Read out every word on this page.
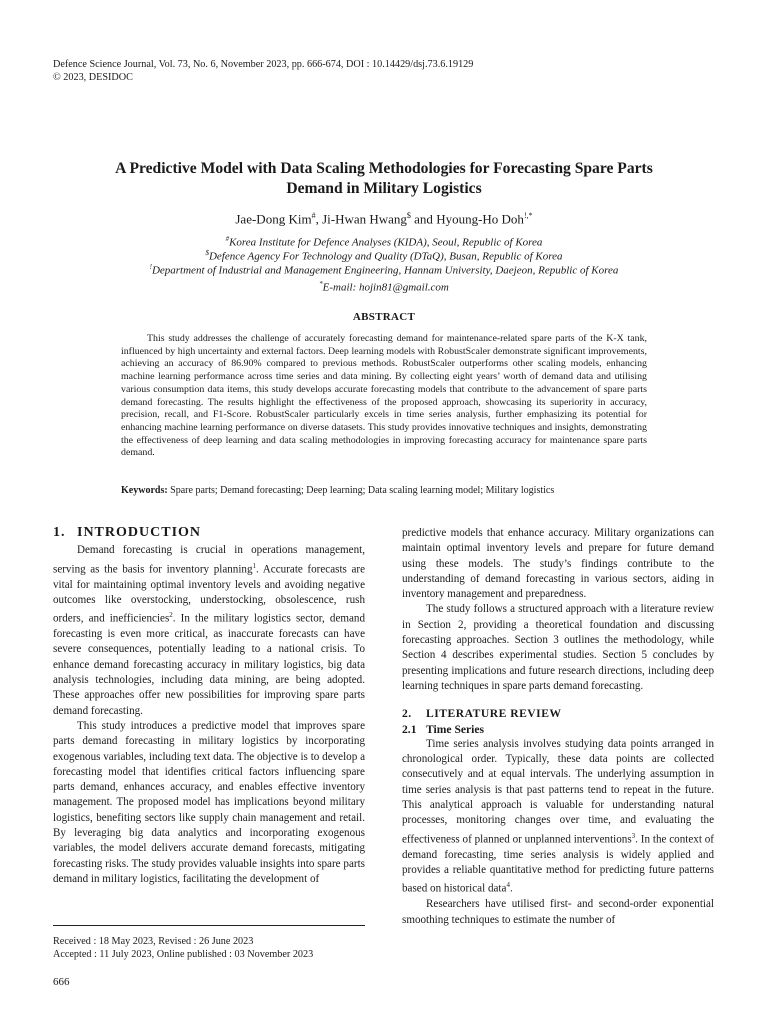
Defence Science Journal, Vol. 73, No. 6, November 2023, pp. 666-674, DOI : 10.14429/dsj.73.6.19129
© 2023, DESIDOC
A Predictive Model with Data Scaling Methodologies for Forecasting Spare Parts
Demand in Military Logistics
Jae-Dong Kim#, Ji-Hwan Hwang$ and Hyoung-Ho Doh!,*
#Korea Institute for Defence Analyses (KIDA), Seoul, Republic of Korea
$Defence Agency For Technology and Quality (DTaQ), Busan, Republic of Korea
!Department of Industrial and Management Engineering, Hannam University, Daejeon, Republic of Korea
*E-mail: hojin81@gmail.com
ABSTRACT

This study addresses the challenge of accurately forecasting demand for maintenance-related spare parts of the K-X tank, influenced by high uncertainty and external factors. Deep learning models with RobustScaler demonstrate significant improvements, achieving an accuracy of 86.90% compared to previous methods. RobustScaler outperforms other scaling models, enhancing machine learning performance across time series and data mining. By collecting eight years’ worth of demand data and utilising various consumption data items, this study develops accurate forecasting models that contribute to the advancement of spare parts demand forecasting. The results highlight the effectiveness of the proposed approach, showcasing its superiority in accuracy, precision, recall, and F1-Score. RobustScaler particularly excels in time series analysis, further emphasizing its potential for enhancing machine learning performance on diverse datasets. This study provides innovative techniques and insights, demonstrating the effectiveness of deep learning and data scaling methodologies in improving forecasting accuracy for maintenance spare parts demand.

Keywords: Spare parts; Demand forecasting; Deep learning; Data scaling learning model; Military logistics
1. INTRODUCTION

Demand forecasting is crucial in operations management, serving as the basis for inventory planning$^1$. Accurate forecasts are vital for maintaining optimal inventory levels and avoiding negative outcomes like overstocking, understocking, obsolescence, rush orders, and inefficiencies$^2$. In the military logistics sector, demand forecasting is even more critical, as inaccurate forecasts can have severe consequences, potentially leading to a national crisis. To enhance demand forecasting accuracy in military logistics, big data analysis technologies, including data mining, are being adopted. These approaches offer new possibilities for improving spare parts demand forecasting.

This study introduces a predictive model that improves spare parts demand forecasting in military logistics by incorporating exogenous variables, including text data. The objective is to develop a forecasting model that identifies critical factors influencing spare parts demand, enhances accuracy, and enables effective inventory management. The proposed model has implications beyond military logistics, benefiting sectors like supply chain management and retail. By leveraging big data analytics and incorporating exogenous variables, the model delivers accurate demand forecasts, mitigating forecasting risks. The study provides valuable insights into spare parts demand in military logistics, facilitating the development of

Received : 18 May 2023, Revised : 26 June 2023
Accepted : 11 July 2023, Online published : 03 November 2023
666

predictive models that enhance accuracy. Military organizations can maintain optimal inventory levels and prepare for future demand using these models. The study’s findings contribute to the understanding of demand forecasting in various sectors, aiding in inventory management and preparedness.

The study follows a structured approach with a literature review in Section 2, providing a theoretical foundation and discussing forecasting approaches. Section 3 outlines the methodology, while Section 4 describes experimental studies. Section 5 concludes by presenting implications and future research directions, including deep learning techniques in spare parts demand forecasting.

2. LITERATURE REVIEW
2.1 Time Series

Time series analysis involves studying data points arranged in chronological order. Typically, these data points are collected consecutively and at equal intervals. The underlying assumption in time series analysis is that past patterns tend to repeat in the future. This analytical approach is valuable for understanding natural processes, monitoring changes over time, and evaluating the effectiveness of planned or unplanned interventions$^3$. In the context of demand forecasting, time series analysis is widely applied and provides a reliable quantitative method for predicting future patterns based on historical data$^4$.

Researchers have utilised first- and second-order exponential smoothing techniques to estimate the number of
